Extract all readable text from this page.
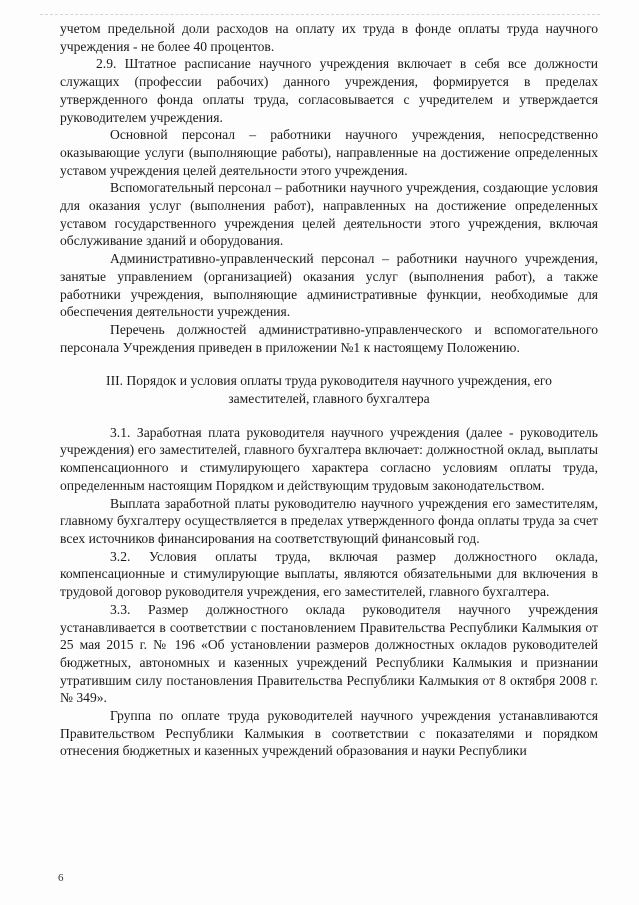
учетом предельной доли расходов на оплату их труда в фонде оплаты труда научного учреждения - не более 40 процентов.

2.9. Штатное расписание научного учреждения включает в себя все должности служащих (профессии рабочих) данного учреждения, формируется в пределах утвержденного фонда оплаты труда, согласовывается с учредителем и утверждается руководителем учреждения.

Основной персонал – работники научного учреждения, непосредственно оказывающие услуги (выполняющие работы), направленные на достижение определенных уставом учреждения целей деятельности этого учреждения.

Вспомогательный персонал – работники научного учреждения, создающие условия для оказания услуг (выполнения работ), направленных на достижение определенных уставом государственного учреждения целей деятельности этого учреждения, включая обслуживание зданий и оборудования.

Административно-управленческий персонал – работники научного учреждения, занятые управлением (организацией) оказания услуг (выполнения работ), а также работники учреждения, выполняющие административные функции, необходимые для обеспечения деятельности учреждения.

Перечень должностей административно-управленческого и вспомогательного персонала Учреждения приведен в приложении №1 к настоящему Положению.

III. Порядок и условия оплаты труда руководителя научного учреждения, его заместителей, главного бухгалтера

3.1. Заработная плата руководителя научного учреждения (далее - руководитель учреждения) его заместителей, главного бухгалтера включает: должностной оклад, выплаты компенсационного и стимулирующего характера согласно условиям оплаты труда, определенным настоящим Порядком и действующим трудовым законодательством.

Выплата заработной платы руководителю научного учреждения его заместителям, главному бухгалтеру осуществляется в пределах утвержденного фонда оплаты труда за счет всех источников финансирования на соответствующий финансовый год.

3.2. Условия оплаты труда, включая размер должностного оклада, компенсационные и стимулирующие выплаты, являются обязательными для включения в трудовой договор руководителя учреждения, его заместителей, главного бухгалтера.

3.3. Размер должностного оклада руководителя научного учреждения устанавливается в соответствии с постановлением Правительства Республики Калмыкия от 25 мая 2015 г. № 196 «Об установлении размеров должностных окладов руководителей бюджетных, автономных и казенных учреждений Республики Калмыкия и признании утратившим силу постановления Правительства Республики Калмыкия от 8 октября 2008 г. № 349».

Группа по оплате труда руководителей научного учреждения устанавливаются Правительством Республики Калмыкия в соответствии с показателями и порядком отнесения бюджетных и казенных учреждений образования и науки Республики

6
